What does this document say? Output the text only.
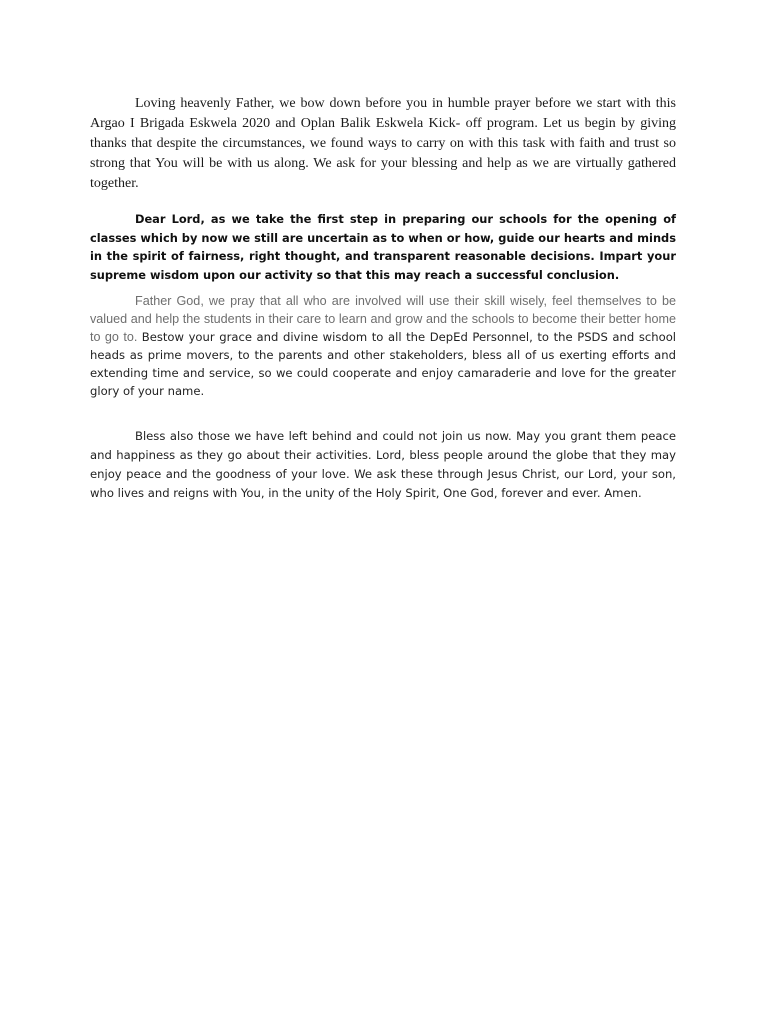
Loving heavenly Father, we bow down before you in humble prayer before we start with this Argao I Brigada Eskwela 2020 and Oplan Balik Eskwela Kick- off program. Let us begin by giving thanks that despite the circumstances, we found ways to carry on with this task with faith and trust so strong that You will be with us along. We ask for your blessing and help as we are virtually gathered together.

Dear Lord, as we take the first step in preparing our schools for the opening of classes which by now we still are uncertain as to when or how, guide our hearts and minds in the spirit of fairness, right thought, and transparent reasonable decisions. Impart your supreme wisdom upon our activity so that this may reach a successful conclusion.

Father God, we pray that all who are involved will use their skill wisely, feel themselves to be valued and help the students in their care to learn and grow and the schools to become their better home to go to. Bestow your grace and divine wisdom to all the DepEd Personnel, to the PSDS and school heads as prime movers, to the parents and other stakeholders, bless all of us exerting efforts and extending time and service, so we could cooperate and enjoy camaraderie and love for the greater glory of your name.

Bless also those we have left behind and could not join us now. May you grant them peace and happiness as they go about their activities. Lord, bless people around the globe that they may enjoy peace and the goodness of your love. We ask these through Jesus Christ, our Lord, your son, who lives and reigns with You, in the unity of the Holy Spirit, One God, forever and ever. Amen.
